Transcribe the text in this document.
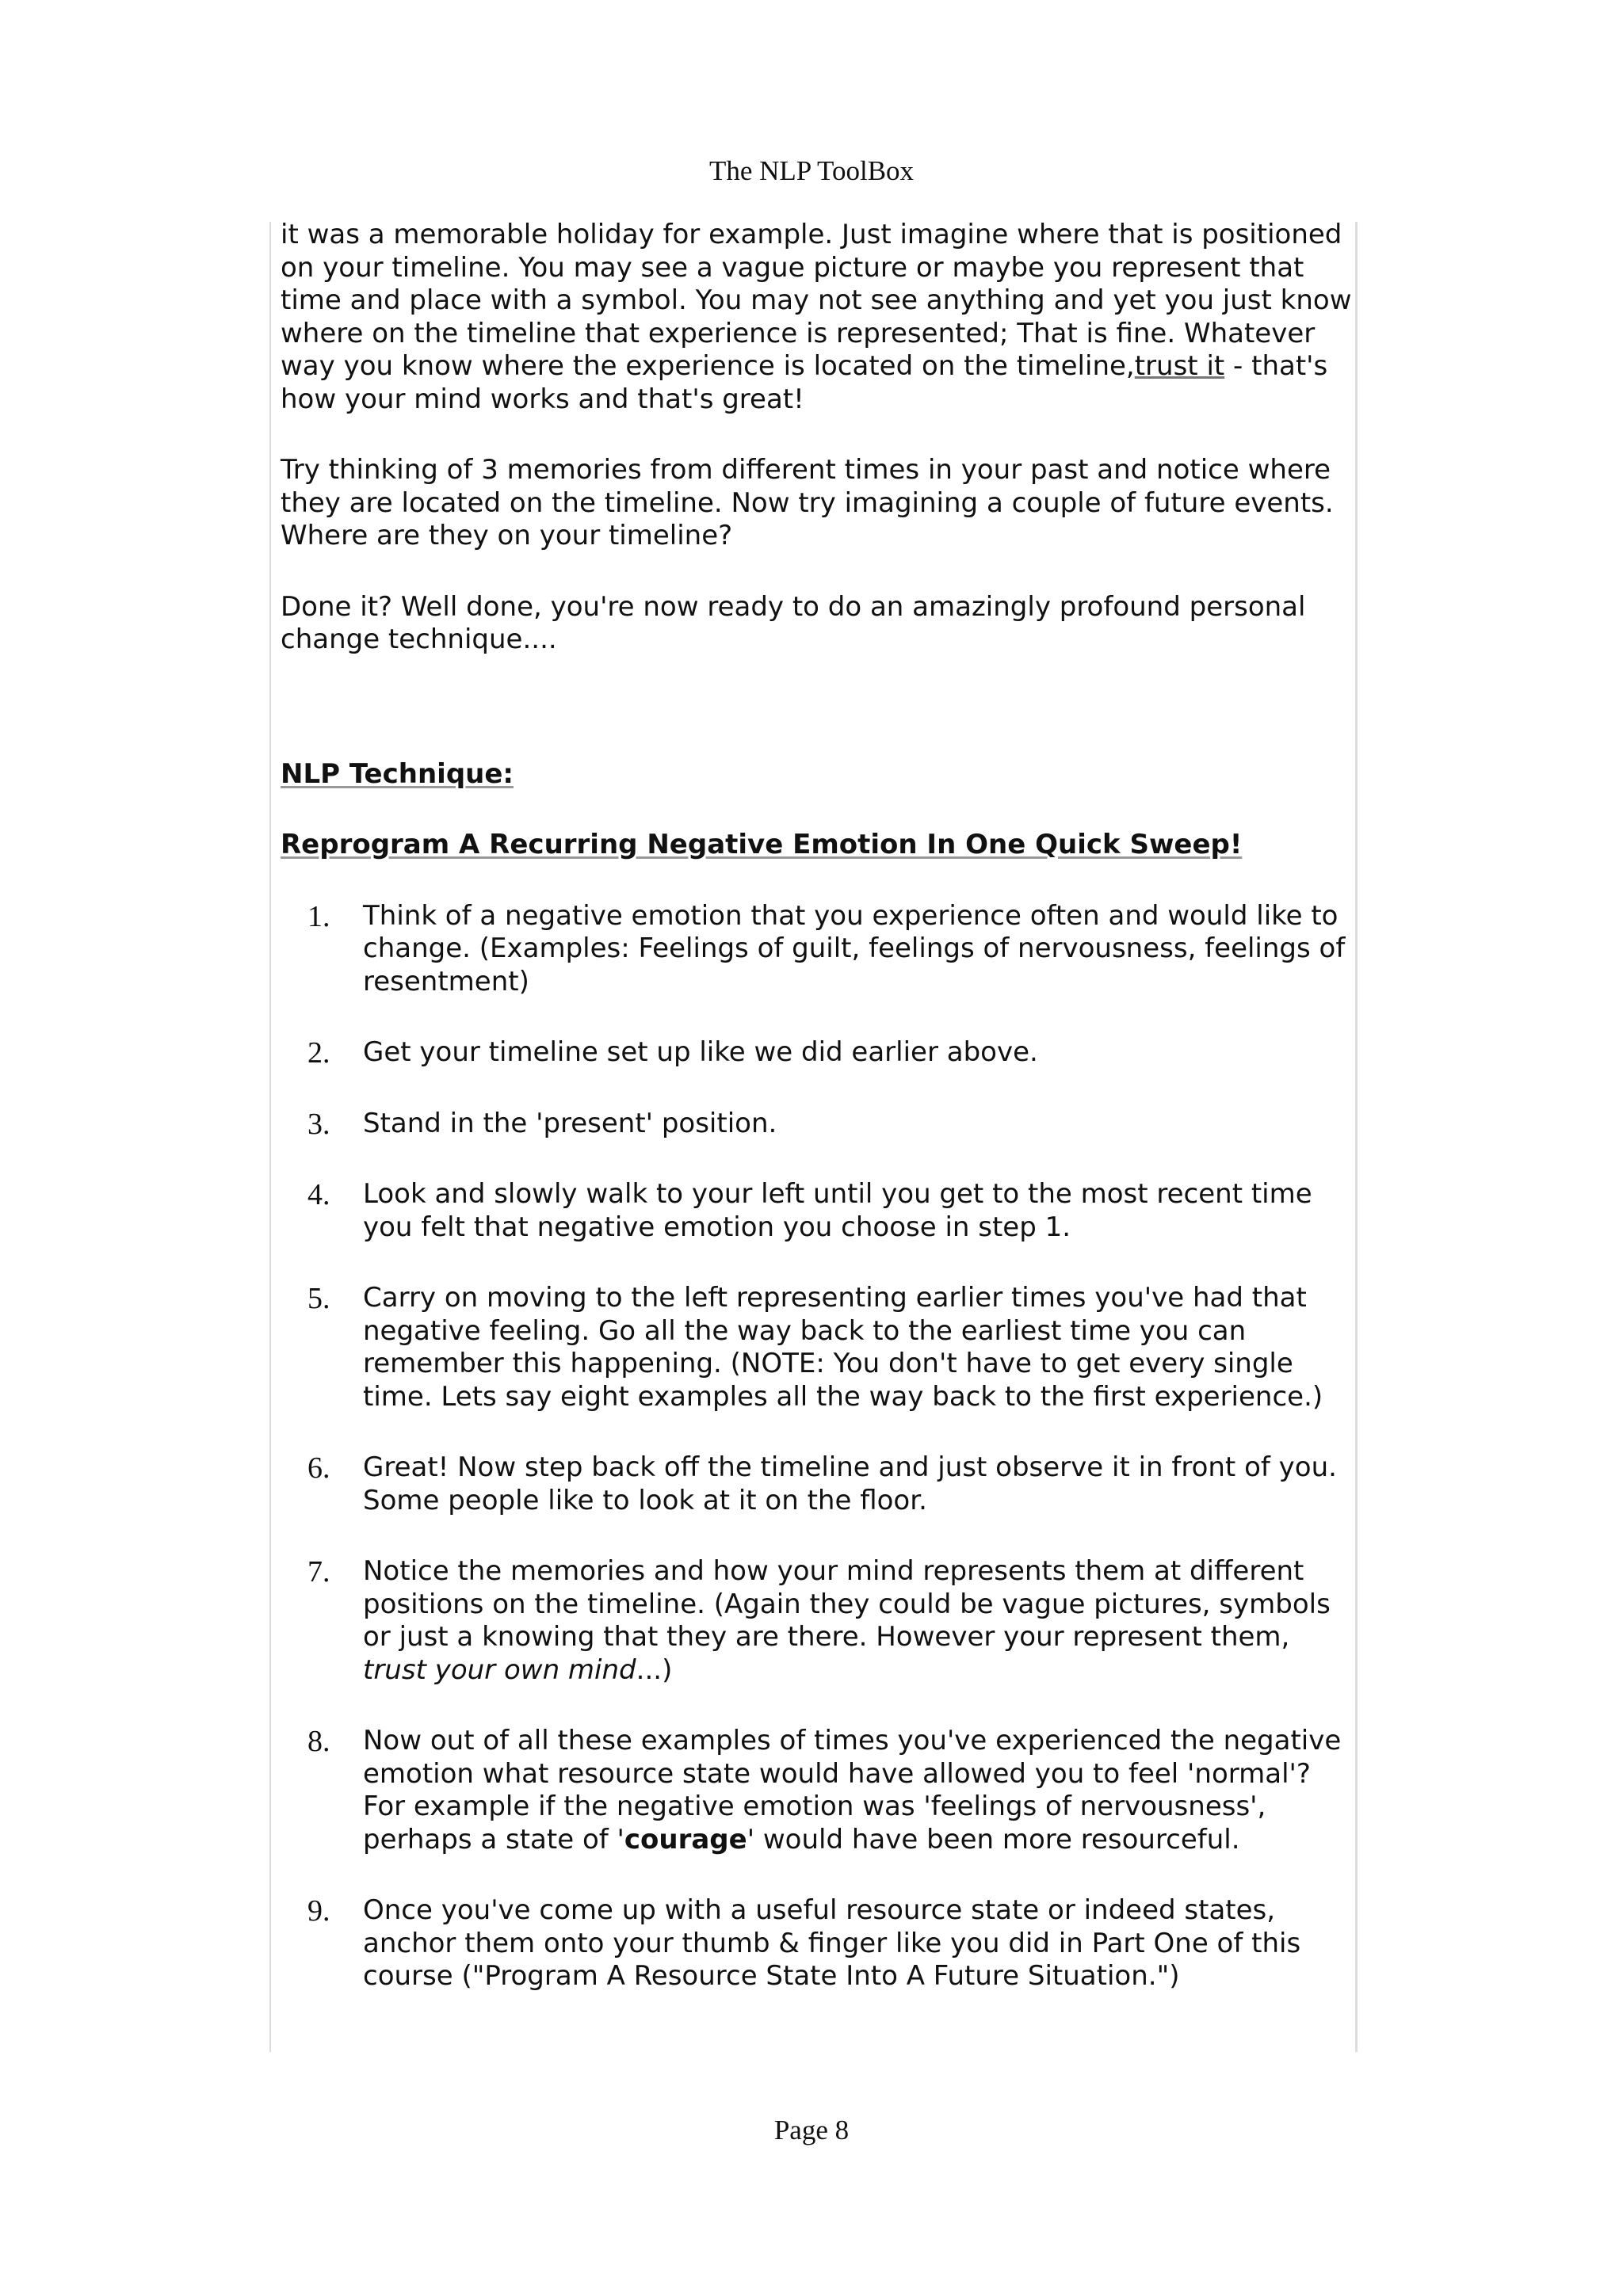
The NLP ToolBox

it was a memorable holiday for example. Just imagine where that is positioned
on your timeline. You may see a vague picture or maybe you represent that
time and place with a symbol. You may not see anything and yet you just know
where on the timeline that experience is represented; That is fine. Whatever
way you know where the experience is located on the timeline,trust it - that's
how your mind works and that's great!

Try thinking of 3 memories from different times in your past and notice where they are located on the timeline. Now try imagining a couple of future events. Where are they on your timeline?

Done it? Well done, you're now ready to do an amazingly profound personal change technique....

NLP Technique:

Reprogram A Recurring Negative Emotion In One Quick Sweep!

1. Think of a negative emotion that you experience often and would like to change. (Examples: Feelings of guilt, feelings of nervousness, feelings of resentment)
2. Get your timeline set up like we did earlier above.
3. Stand in the 'present' position.
4. Look and slowly walk to your left until you get to the most recent time you felt that negative emotion you choose in step 1.
5. Carry on moving to the left representing earlier times you've had that negative feeling. Go all the way back to the earliest time you can remember this happening. (NOTE: You don't have to get every single time. Lets say eight examples all the way back to the first experience.)
6. Great! Now step back off the timeline and just observe it in front of you. Some people like to look at it on the floor.
7. Notice the memories and how your mind represents them at different positions on the timeline. (Again they could be vague pictures, symbols or just a knowing that they are there. However your represent them, trust your own mind...)
8. Now out of all these examples of times you've experienced the negative emotion what resource state would have allowed you to feel 'normal'? For example if the negative emotion was 'feelings of nervousness', perhaps a state of 'courage' would have been more resourceful.
9. Once you've come up with a useful resource state or indeed states, anchor them onto your thumb & finger like you did in Part One of this course ("Program A Resource State Into A Future Situation.")
Page 8
